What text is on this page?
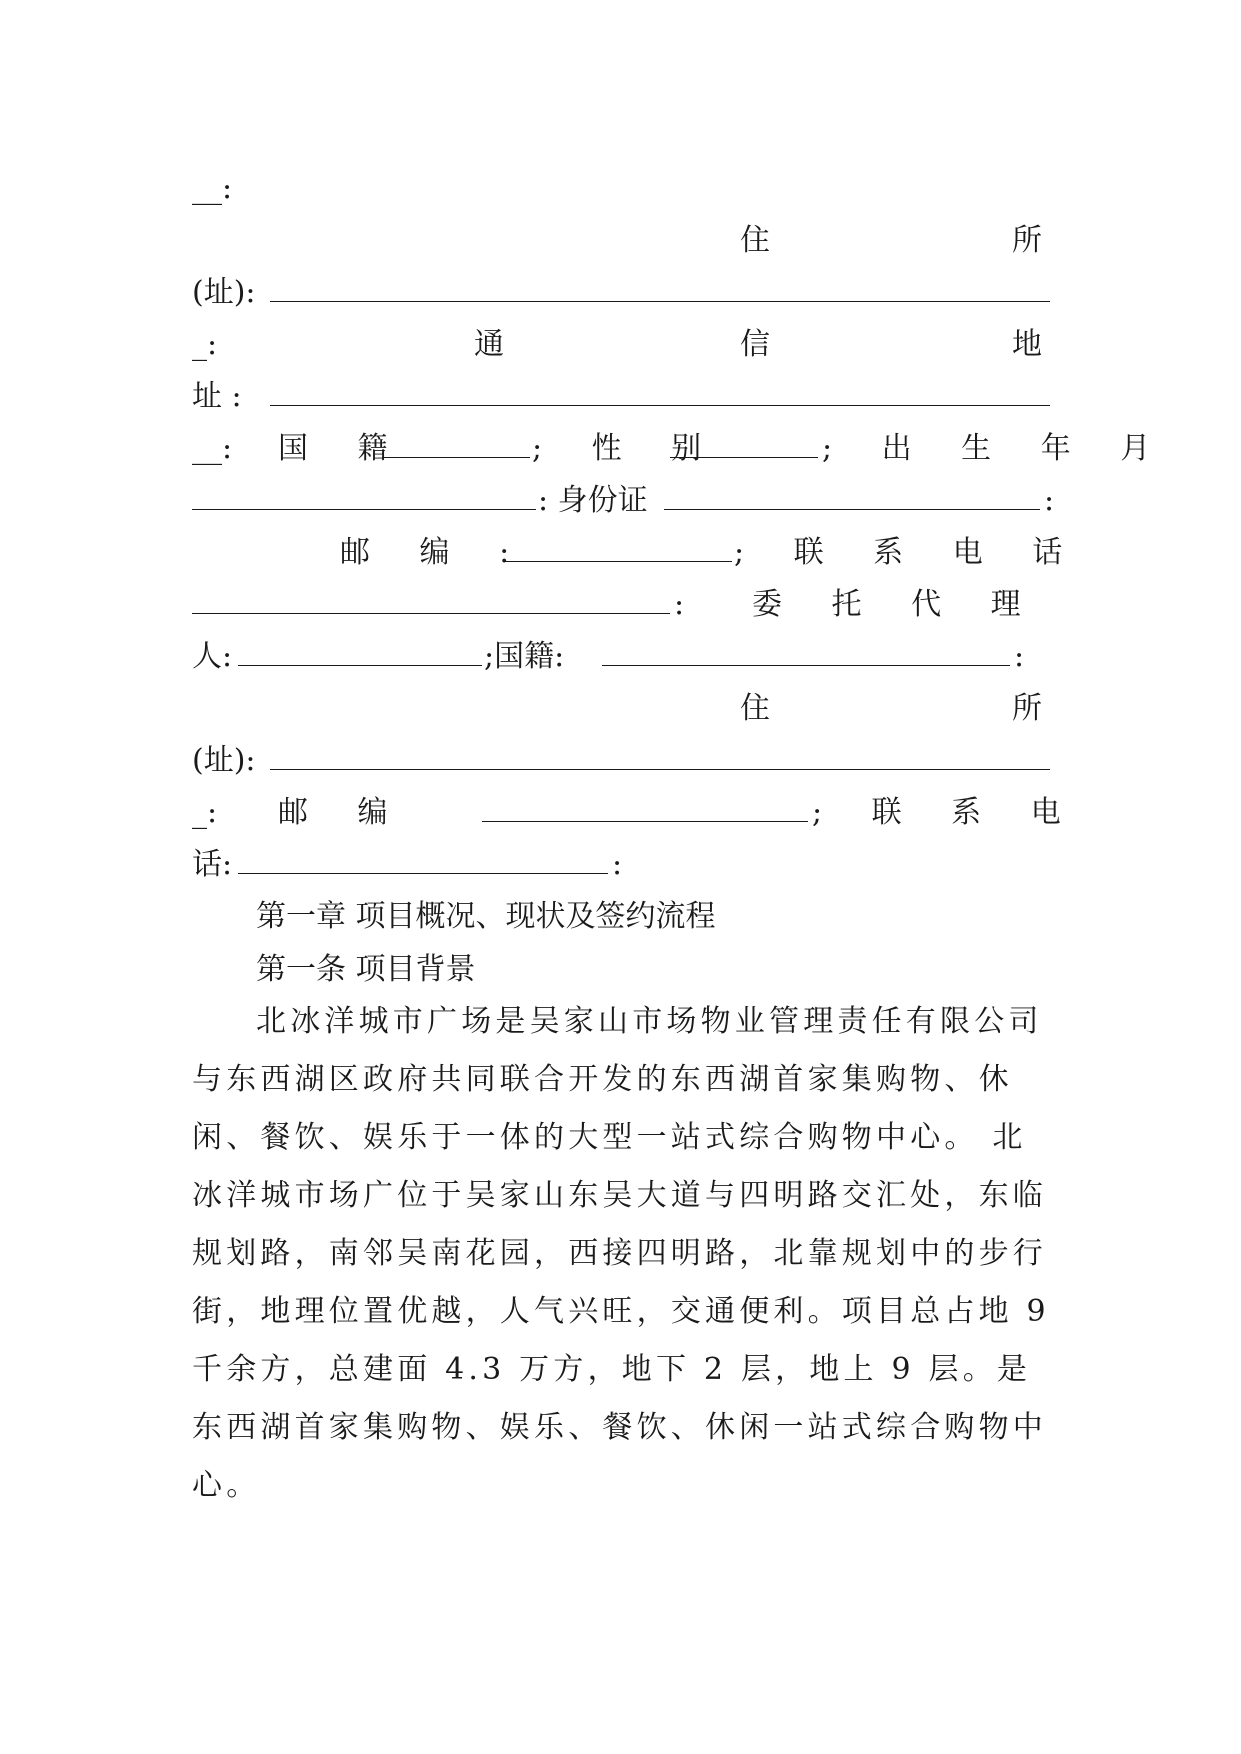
__:
住	所
(址):
_:	通	信	地
址 :
__: 国 籍	; 性 别	; 出 生 年 月
: 身份证	:
邮 编 :	; 联 系 电 话
: 委 托 代 理
人:	;国籍:	:
住	所
(址):
_: 邮 编	; 联 系 电
话:	:
第一章 项目概况、现状及签约流程
第一条 项目背景
北冰洋城市广场是吴家山市场物业管理责任有限公司与东西湖区政府共同联合开发的东西湖首家集购物、休闲、餐饮、娱乐于一体的大型一站式综合购物中心。 北冰洋城市场广位于吴家山东吴大道与四明路交汇处，东临规划路，南邻吴南花园，西接四明路，北靠规划中的步行街，地理位置优越，人气兴旺，交通便利。项目总占地 9 千余方，总建面 4.3 万方，地下 2 层，地上 9 层。是东西湖首家集购物、娱乐、餐饮、休闲一站式综合购物中心。
